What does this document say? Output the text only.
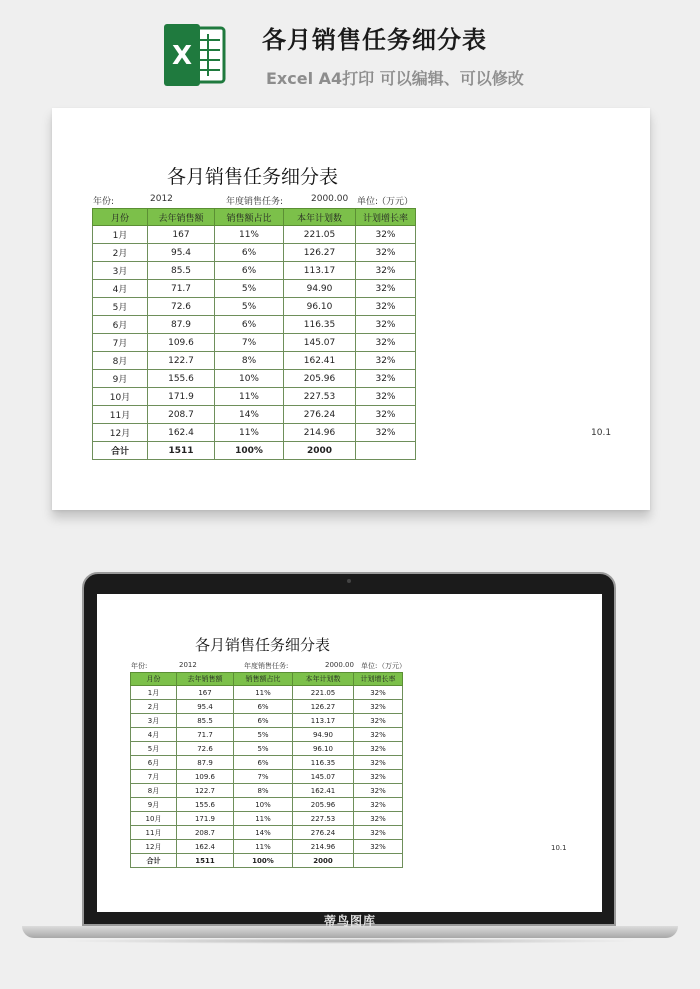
X
各月销售任务细分表
Excel A4打印 可以编辑、可以修改
各月销售任务细分表
年份:	2012	年度销售任务:	2000.00 单位:
（万元）
月份	去年销售额	销售额占比	本年计划数	计划增长率
1月	167	11%	221.05	32%
2月	95.4	6%	126.27	32%
3月	85.5	6%	113.17	32%
4月	71.7	5%	94.90	32%
5月	72.6	5%	96.10	32%
6月	87.9	6%	116.35	32%
7月	109.6	7%	145.07	32%
8月	122.7	8%	162.41	32%
9月	155.6	10%	205.96	32%
10月	171.9	11%	227.53	32%
11月	208.7	14%	276.24	32%
12月	162.4	11%	214.96	32%
合计	1511	100%	2000	
10.1
各月销售任务细分表
年份:	2012	年度销售任务:	2000.00 单位: （万元）
月份	去年销售额	销售额占比	本年计划数	计划增长率
1月	167	11%	221.05	32%
2月	95.4	6%	126.27	32%
3月	85.5	6%	113.17	32%
4月	71.7	5%	94.90	32%
5月	72.6	5%	96.10	32%
6月	87.9	6%	116.35	32%
7月	109.6	7%	145.07	32%
8月	122.7	8%	162.41	32%
9月	155.6	10%	205.96	32%
10月	171.9	11%	227.53	32%
11月	208.7	14%	276.24	32%
12月	162.4	11%	214.96	32%
合计	1511	100%	2000	
10.1
蒂鸟图库
